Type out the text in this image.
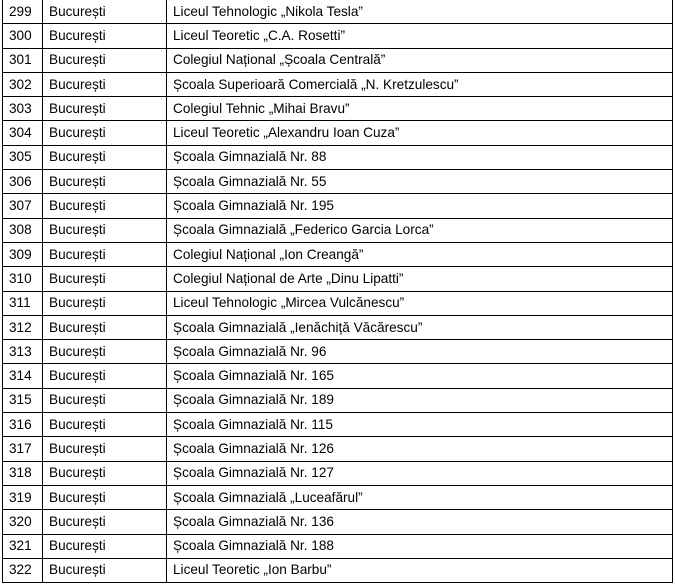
299	București	Liceul Tehnologic „Nikola Tesla”
300	București	Liceul Teoretic „C.A. Rosetti”
301	București	Colegiul Național „Școala Centrală”
302	București	Școala Superioară Comercială „N. Kretzulescu”
303	București	Colegiul Tehnic „Mihai Bravu”
304	București	Liceul Teoretic „Alexandru Ioan Cuza”
305	București	Școala Gimnazială Nr. 88
306	București	Școala Gimnazială Nr. 55
307	București	Școala Gimnazială Nr. 195
308	București	Școala Gimnazială „Federico Garcia Lorca”
309	București	Colegiul Național „Ion Creangă”
310	București	Colegiul Național de Arte „Dinu Lipatti”
311	București	Liceul Tehnologic „Mircea Vulcănescu”
312	București	Școala Gimnazială „Ienăchiță Văcărescu”
313	București	Școala Gimnazială Nr. 96
314	București	Școala Gimnazială Nr. 165
315	București	Școala Gimnazială Nr. 189
316	București	Școala Gimnazială Nr. 115
317	București	Școala Gimnazială Nr. 126
318	București	Școala Gimnazială Nr. 127
319	București	Școala Gimnazială „Luceafărul”
320	București	Școala Gimnazială Nr. 136
321	București	Școala Gimnazială Nr. 188
322	București	Liceul Teoretic „Ion Barbu”
